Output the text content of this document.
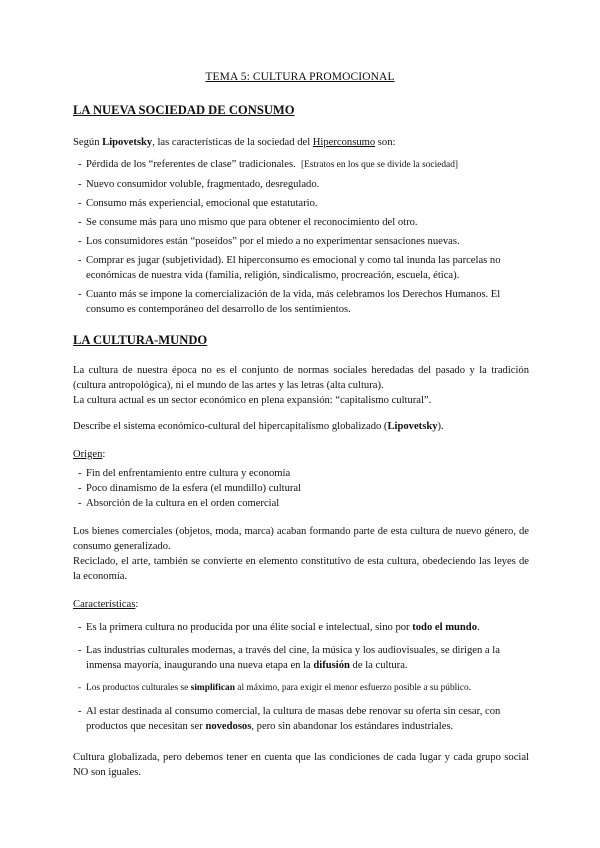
TEMA 5: CULTURA PROMOCIONAL
LA NUEVA SOCIEDAD DE CONSUMO
Según Lipovetsky, las características de la sociedad del Hiperconsumo son:
- Pérdida de los “referentes de clase” tradicionales. [Estratos en los que se divide la sociedad]
- Nuevo consumidor voluble, fragmentado, desregulado.
- Consumo más experiencial, emocional que estatutario.
- Se consume más para uno mismo que para obtener el reconocimiento del otro.
- Los consumidores están “poseídos” por el miedo a no experimentar sensaciones nuevas.
- Comprar es jugar (subjetividad). El hiperconsumo es emocional y como tal inunda las parcelas no económicas de nuestra vida (familia, religión, sindicalismo, procreación, escuela, ética).
- Cuanto más se impone la comercialización de la vida, más celebramos los Derechos Humanos. El consumo es contemporáneo del desarrollo de los sentimientos.
LA CULTURA-MUNDO
La cultura de nuestra época no es el conjunto de normas sociales heredadas del pasado y la tradición (cultura antropológica), ni el mundo de las artes y las letras (alta cultura).
La cultura actual es un sector económico en plena expansión: “capitalismo cultural”.
Describe el sistema económico-cultural del hipercapitalismo globalizado (Lipovetsky).
Origen:
- Fin del enfrentamiento entre cultura y economía
- Poco dinamismo de la esfera (el mundillo) cultural
- Absorción de la cultura en el orden comercial
Los bienes comerciales (objetos, moda, marca) acaban formando parte de esta cultura de nuevo género, de consumo generalizado.
Reciclado, el arte, también se convierte en elemento constitutivo de esta cultura, obedeciendo las leyes de la economía.
Características:
- Es la primera cultura no producida por una élite social e intelectual, sino por todo el mundo.
- Las industrias culturales modernas, a través del cine, la música y los audiovisuales, se dirigen a la inmensa mayoría, inaugurando una nueva etapa en la difusión de la cultura.
- Los productos culturales se simplifican al máximo, para exigir el menor esfuerzo posible a su público.
- Al estar destinada al consumo comercial, la cultura de masas debe renovar su oferta sin cesar, con productos que necesitan ser novedosos, pero sin abandonar los estándares industriales.
Cultura globalizada, pero debemos tener en cuenta que las condiciones de cada lugar y cada grupo social NO son iguales.
